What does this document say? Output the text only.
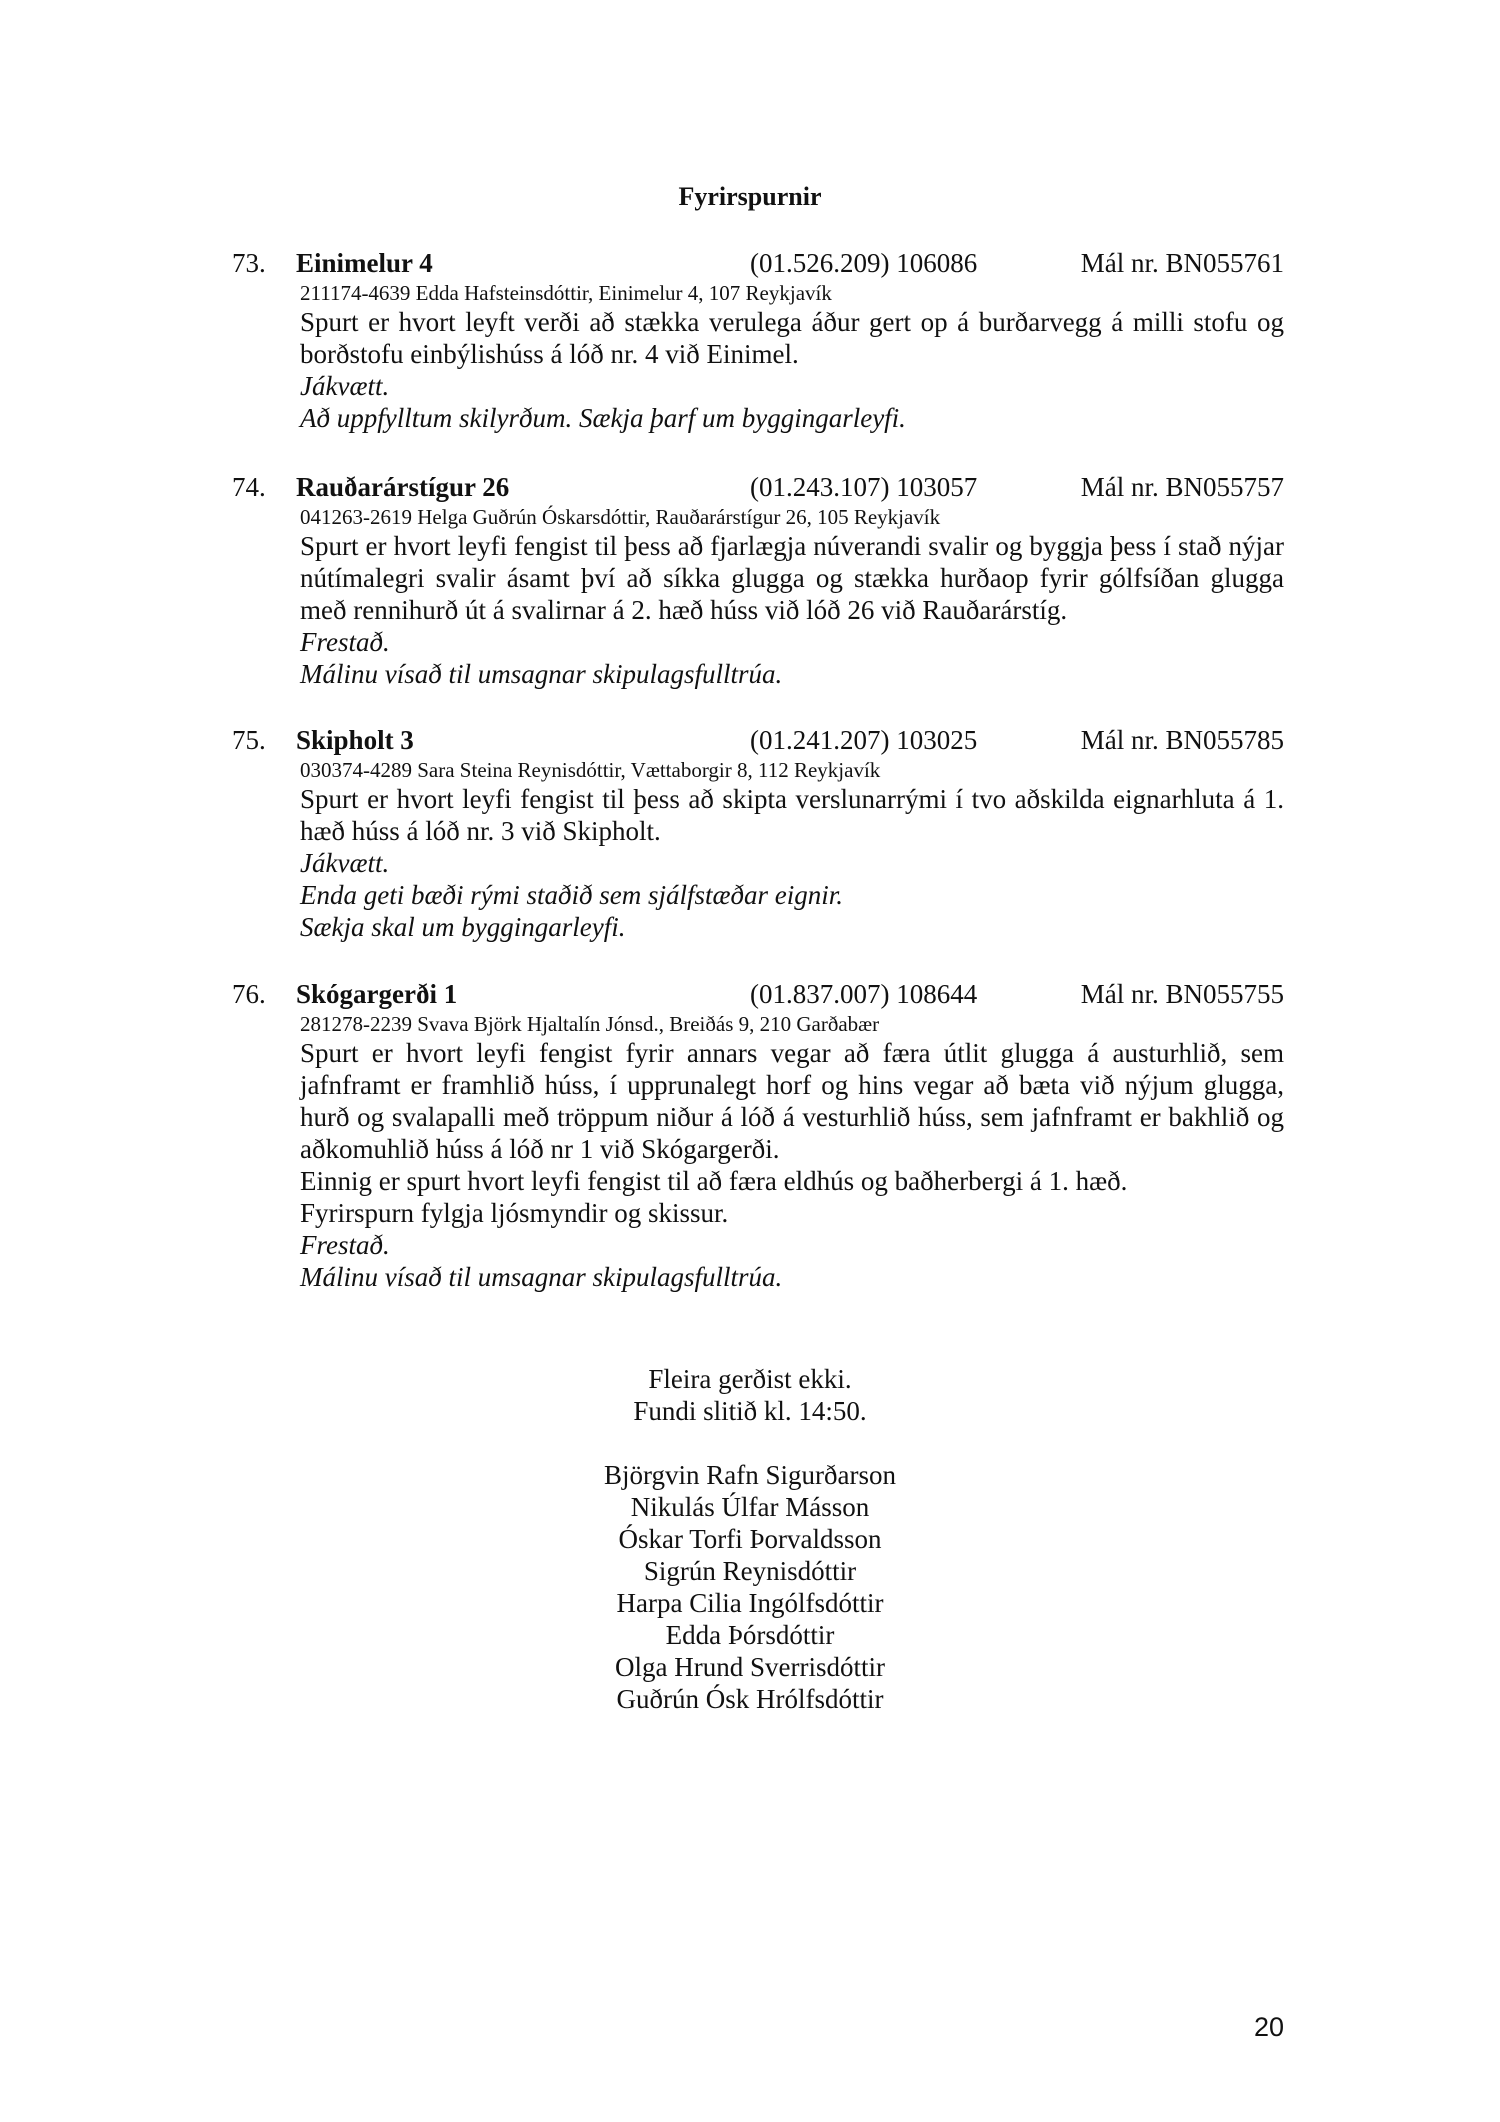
Fyrirspurnir
73. Einimelur 4	(01.526.209) 106086	Mál nr. BN055761
211174-4639 Edda Hafsteinsdóttir, Einimelur 4, 107 Reykjavík

Spurt er hvort leyft verði að stækka verulega áður gert op á burðarvegg á milli stofu og borðstofu einbýlishúss á lóð nr. 4 við Einimel.

Jákvætt.

Að uppfylltum skilyrðum. Sækja þarf um byggingarleyfi.

74. Rauðarárstígur 26	(01.243.107) 103057	Mál nr. BN055757
041263-2619 Helga Guðrún Óskarsdóttir, Rauðarárstígur 26, 105 Reykjavík

Spurt er hvort leyfi fengist til þess að fjarlægja núverandi svalir og byggja þess í stað nýjar nútímalegri svalir ásamt því að síkka glugga og stækka hurðaop fyrir gólfsíðan glugga með rennihurð út á svalirnar á 2. hæð húss við lóð 26 við Rauðarárstíg.

Frestað.

Málinu vísað til umsagnar skipulagsfulltrúa.

75. Skipholt 3	(01.241.207) 103025	Mál nr. BN055785
030374-4289 Sara Steina Reynisdóttir, Vættaborgir 8, 112 Reykjavík

Spurt er hvort leyfi fengist til þess að skipta verslunarrými í tvo aðskilda eignarhluta á 1. hæð húss á lóð nr. 3 við Skipholt.

Jákvætt.

Enda geti bæði rými staðið sem sjálfstæðar eignir.

Sækja skal um byggingarleyfi.

76. Skógargerði 1	(01.837.007) 108644	Mál nr. BN055755
281278-2239 Svava Björk Hjaltalín Jónsd., Breiðás 9, 210 Garðabær

Spurt er hvort leyfi fengist fyrir annars vegar að færa útlit glugga á austurhlið, sem jafnframt er framhlið húss, í upprunalegt horf og hins vegar að bæta við nýjum glugga, hurð og svalapalli með tröppum niður á lóð á vesturhlið húss, sem jafnframt er bakhlið og aðkomuhlið húss á lóð nr 1 við Skógargerði.

Einnig er spurt hvort leyfi fengist til að færa eldhús og baðherbergi á 1. hæð.

Fyrirspurn fylgja ljósmyndir og skissur.

Frestað.

Málinu vísað til umsagnar skipulagsfulltrúa.

Fleira gerðist ekki.
Fundi slitið kl. 14:50.
Björgvin Rafn Sigurðarson
Nikulás Úlfar Másson
Óskar Torfi Þorvaldsson
Sigrún Reynisdóttir
Harpa Cilia Ingólfsdóttir
Edda Þórsdóttir
Olga Hrund Sverrisdóttir
Guðrún Ósk Hrólfsdóttir
20
